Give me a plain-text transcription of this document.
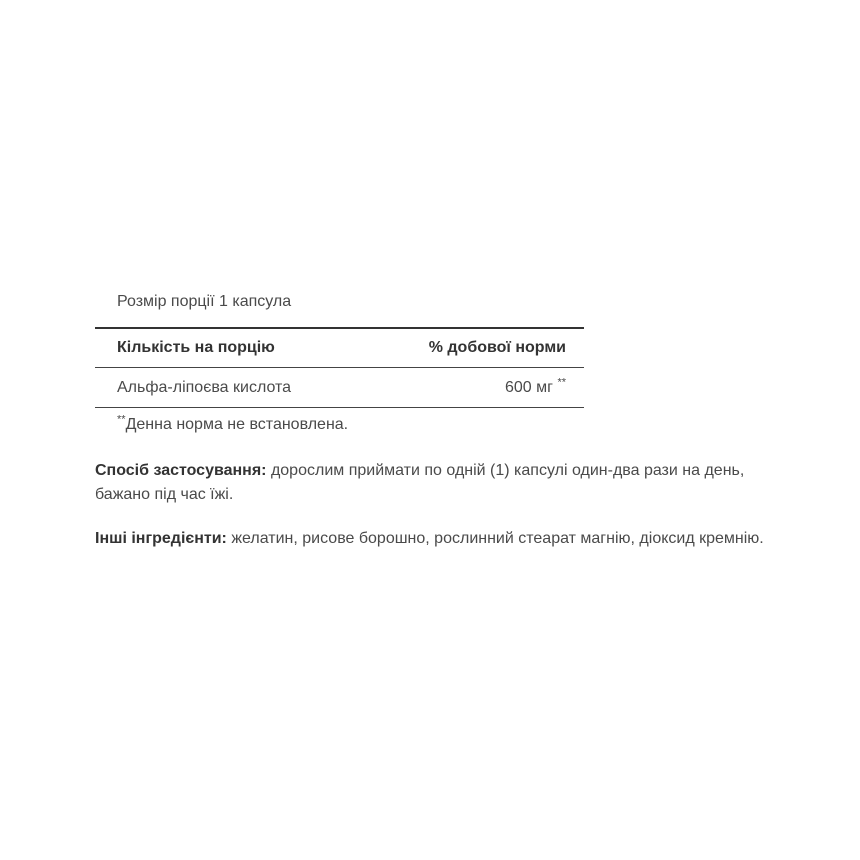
Розмір порції 1 капсула
Кількість на порцію	% добової норми
Альфа-ліпоєва кислота	600 мг **
**Денна норма не встановлена.

Спосіб застосування: дорослим приймати по одній (1) капсулі один-два рази на день, бажано під час їжі.

Інші інгредієнти: желатин, рисове борошно, рослинний стеарат магнію, діоксид кремнію.
